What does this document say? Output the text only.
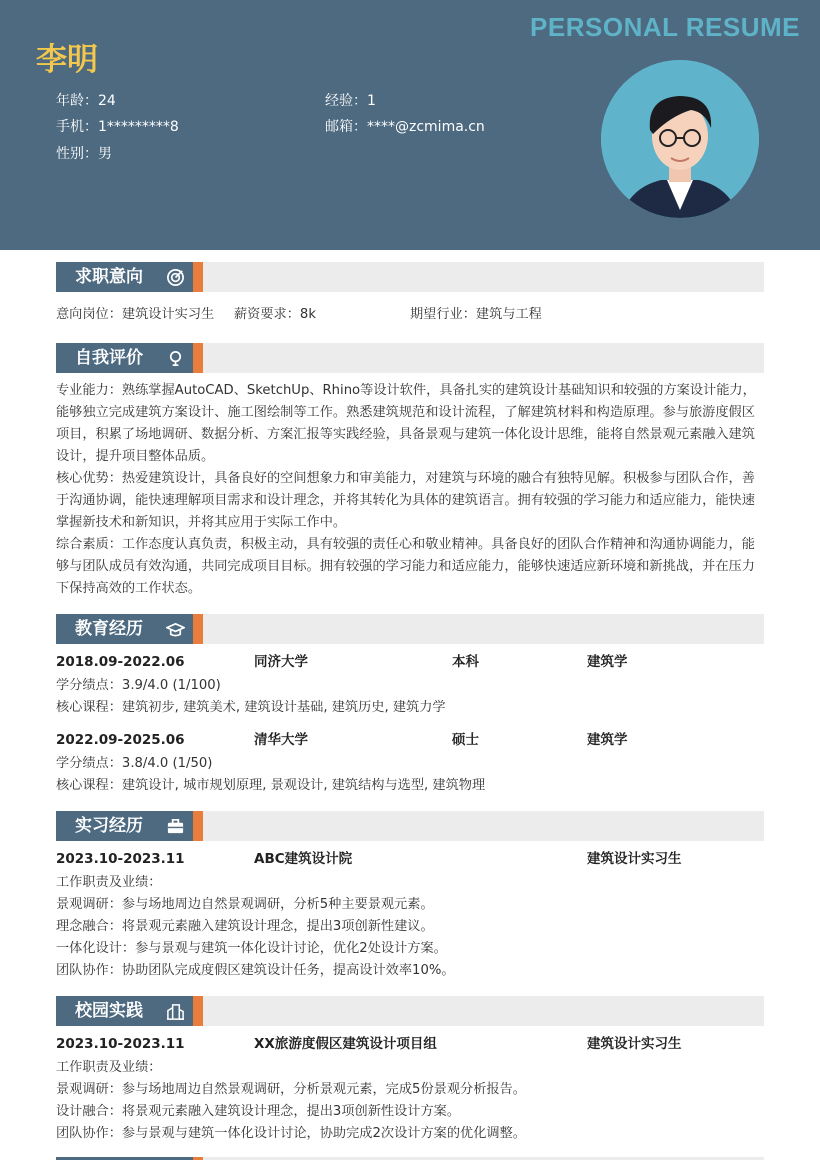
PERSONAL RESUME
李明
年龄：24
手机：1*********8
性别：男
经验：1
邮箱：****@zcmima.cn
求职意向
意向岗位：建筑设计实习生 薪资要求：8k	期望行业：建筑与工程
自我评价
专业能力：熟练掌握AutoCAD、SketchUp、Rhino等设计软件，具备扎实的建筑设计基础知识和较强的方案设计能力，能够独立完成建筑方案设计、施工图绘制等工作。熟悉建筑规范和设计流程，了解建筑材料和构造原理。参与旅游度假区项目，积累了场地调研、数据分析、方案汇报等实践经验，具备景观与建筑一体化设计思维，能将自然景观元素融入建筑设计，提升项目整体品质。
核心优势：热爱建筑设计，具备良好的空间想象力和审美能力，对建筑与环境的融合有独特见解。积极参与团队合作，善于沟通协调，能快速理解项目需求和设计理念，并将其转化为具体的建筑语言。拥有较强的学习能力和适应能力，能快速掌握新技术和新知识，并将其应用于实际工作中。
综合素质：工作态度认真负责，积极主动，具有较强的责任心和敬业精神。具备良好的团队合作精神和沟通协调能力，能够与团队成员有效沟通，共同完成项目目标。拥有较强的学习能力和适应能力，能够快速适应新环境和新挑战，并在压力下保持高效的工作状态。
教育经历
2018.09-2022.06	同济大学	本科	建筑学
学分绩点：3.9/4.0 (1/100)
核心课程：建筑初步, 建筑美术, 建筑设计基础, 建筑历史, 建筑力学
2022.09-2025.06	清华大学	硕士	建筑学
学分绩点：3.8/4.0 (1/50)
核心课程：建筑设计, 城市规划原理, 景观设计, 建筑结构与选型, 建筑物理
实习经历
2023.10-2023.11	ABC建筑设计院	建筑设计实习生
工作职责及业绩：
景观调研：参与场地周边自然景观调研，分析5种主要景观元素。
理念融合：将景观元素融入建筑设计理念，提出3项创新性建议。
一体化设计：参与景观与建筑一体化设计讨论，优化2处设计方案。
团队协作：协助团队完成度假区建筑设计任务，提高设计效率10%。
校园实践
2023.10-2023.11	XX旅游度假区建筑设计项目组	建筑设计实习生
工作职责及业绩：
景观调研：参与场地周边自然景观调研，分析景观元素，完成5份景观分析报告。
设计融合：将景观元素融入建筑设计理念，提出3项创新性设计方案。
团队协作：参与景观与建筑一体化设计讨论，协助完成2次设计方案的优化调整。
